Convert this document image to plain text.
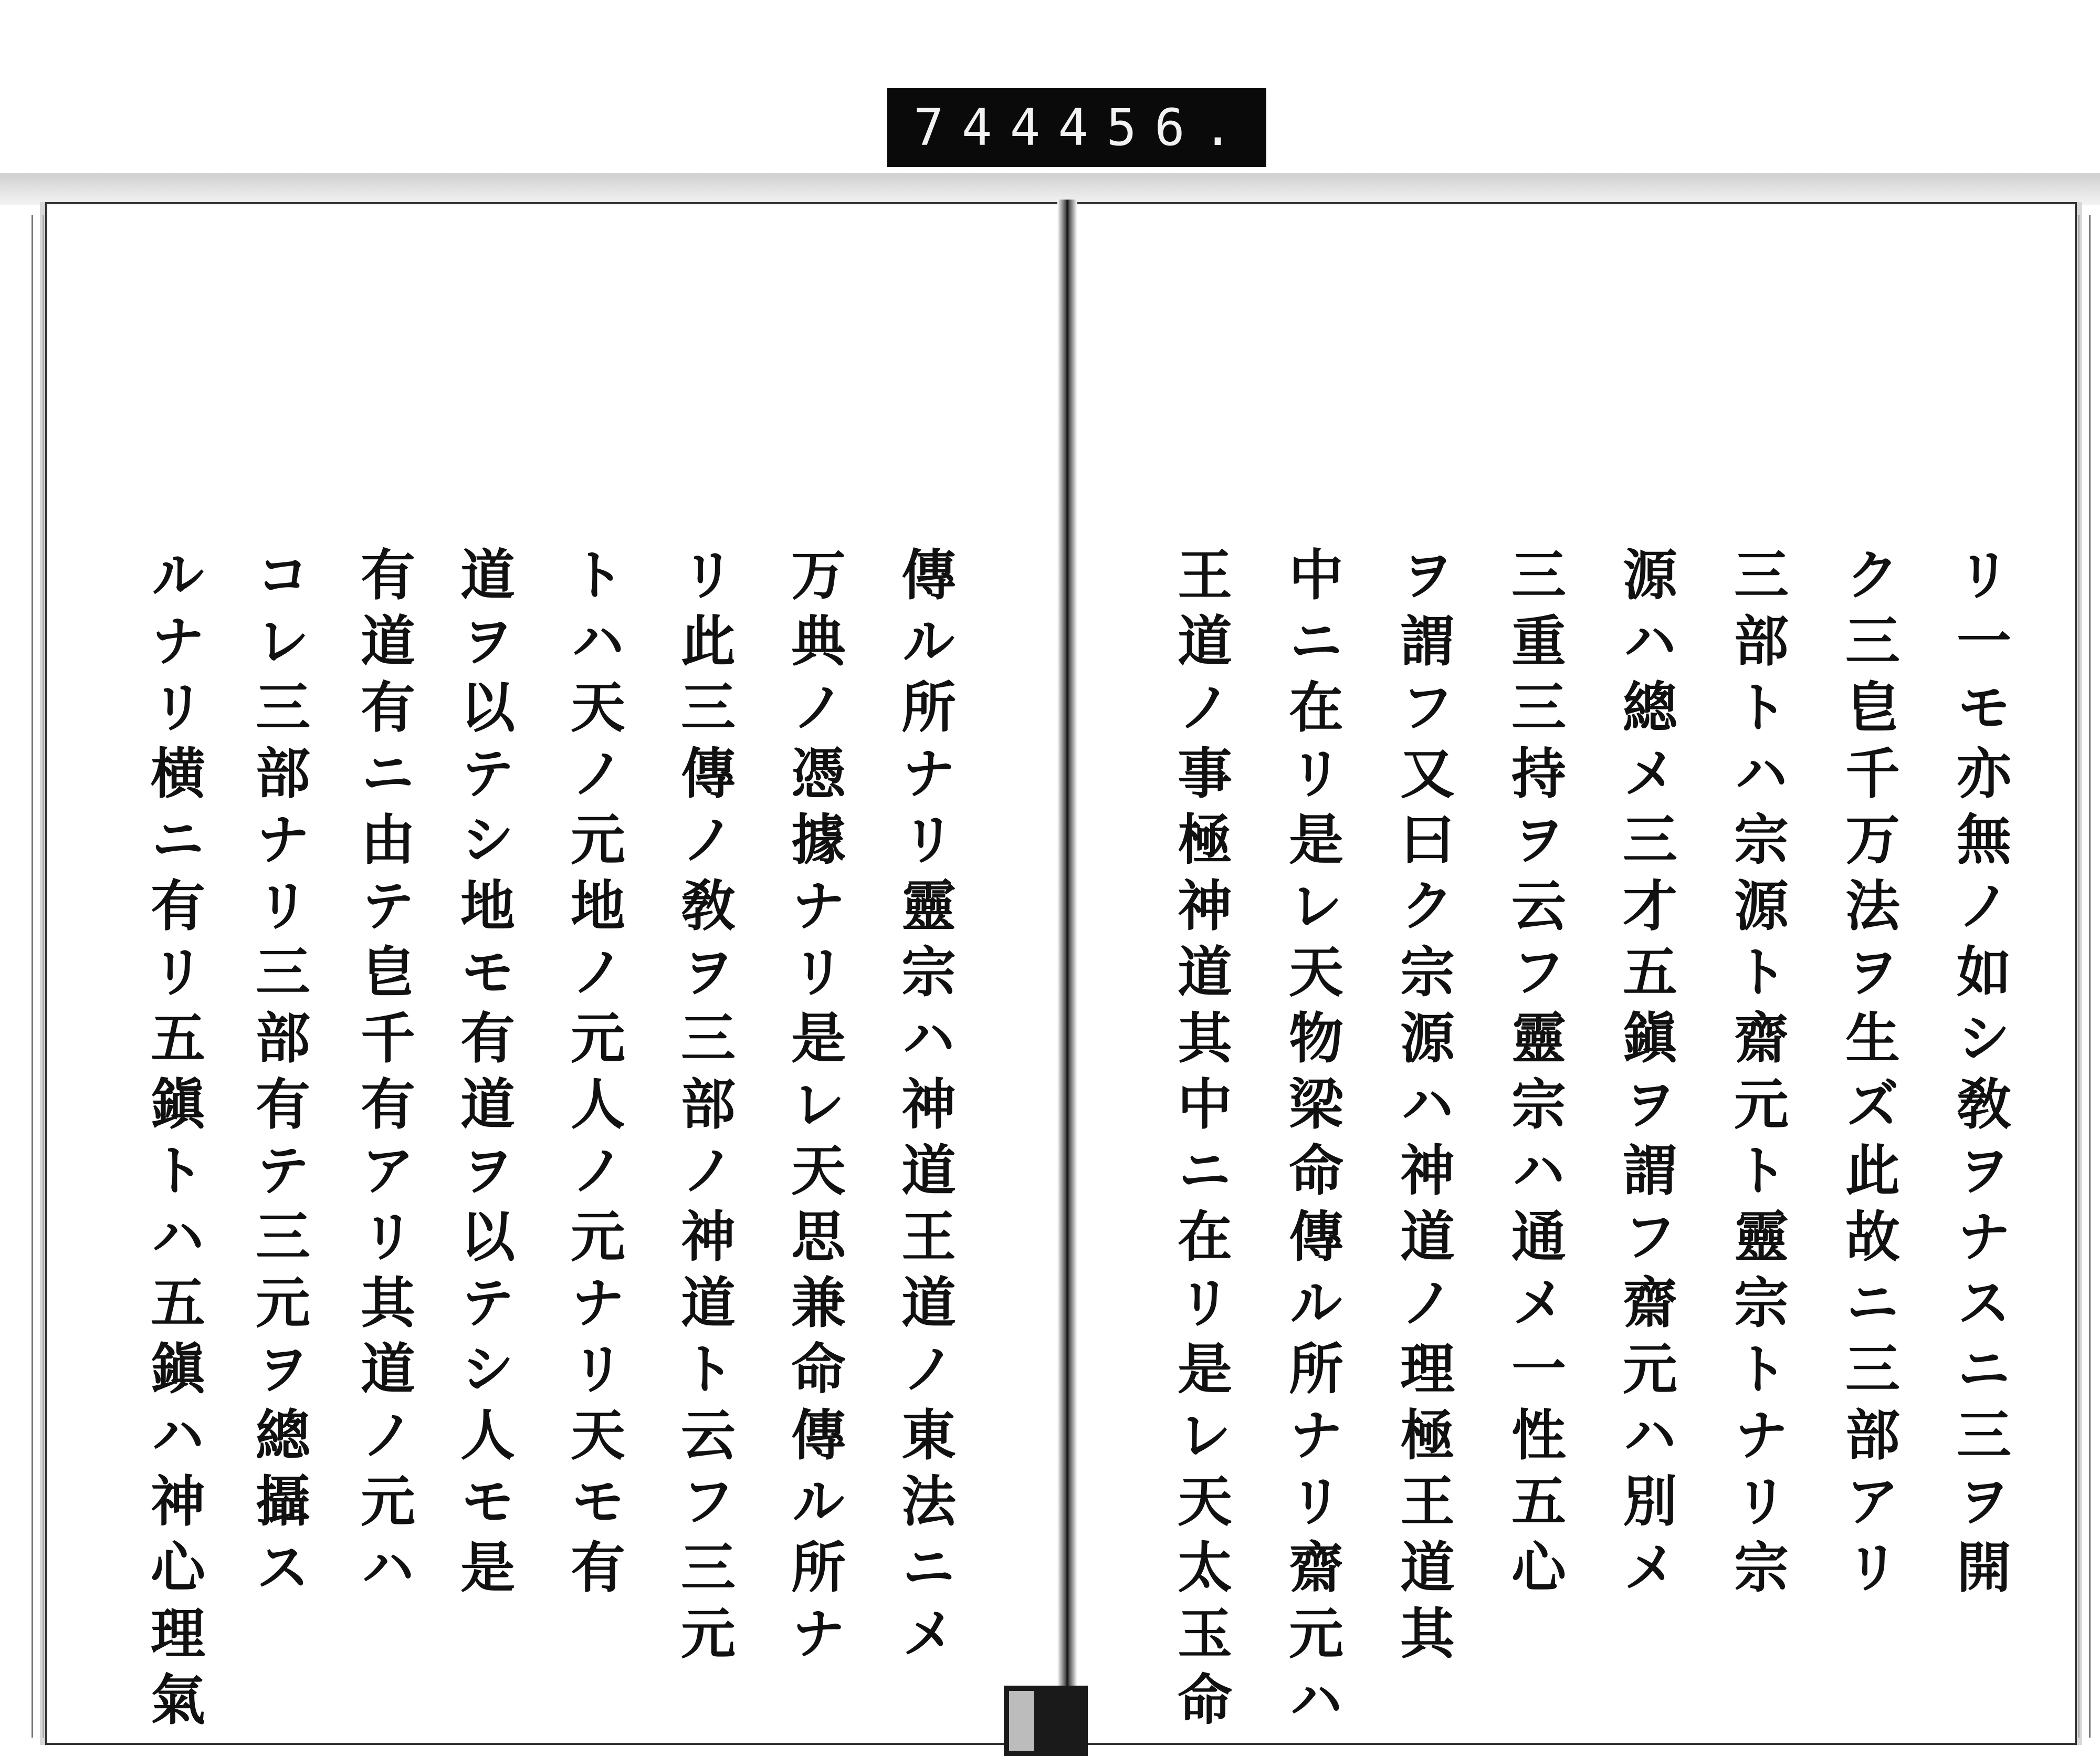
744 456.
リ一モ亦無ノ如シ敎ヲナスニ三ヲ開
ク三皀千万法ヲ生ズ此故ニ三部アリ
三部トハ宗源ト齋元ト靈宗トナリ宗
源ハ總メ三才五鎭ヲ謂フ齋元ハ別メ
三重三持ヲ云フ靈宗ハ通メ一性五心
ヲ謂フ又曰ク宗源ハ神道ノ理極王道其
中ニ在リ是レ天物梁命傳ル所ナリ齋元ハ
王道ノ事極神道其中ニ在リ是レ天太玉命
傳ル所ナリ靈宗ハ神道王道ノ東法ニメ
万典ノ憑據ナリ是レ天思兼命傳ル所ナ
リ此三傳ノ敎ヲ三部ノ神道ト云フ三元
トハ天ノ元地ノ元人ノ元ナリ天モ有
道ヲ以テシ地モ有道ヲ以テシ人モ是
有道有ニ由テ皀千有アリ其道ノ元ハ
コレ三部ナリ三部有テ三元ヲ總攝ス
ルナリ横ニ有リ五鎭トハ五鎭ハ神心理氣
